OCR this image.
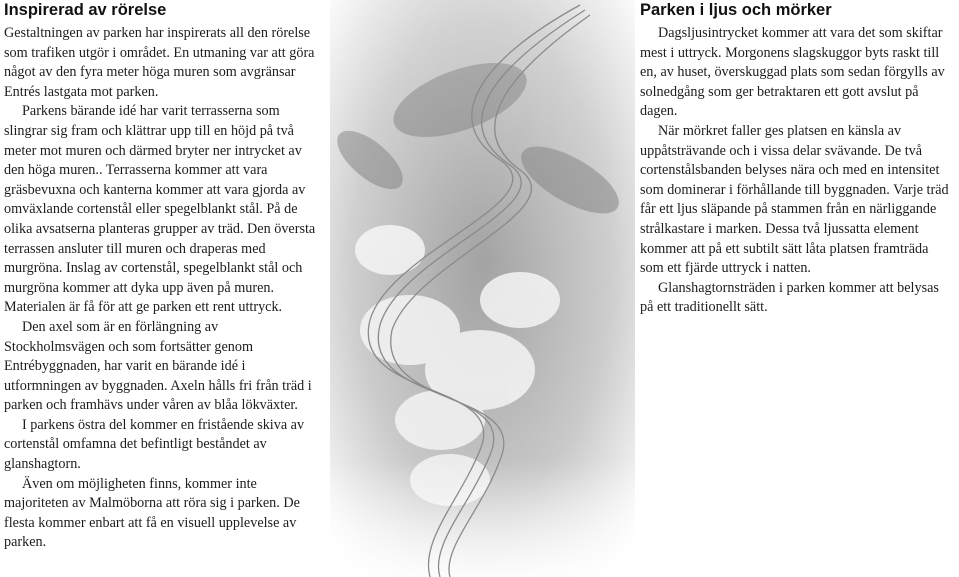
Inspirerad av rörelse

Gestaltningen av parken har inspirerats all den rörelse som trafiken utgör i området. En utmaning var att göra något av den fyra meter höga muren som avgränsar Entrés lastgata mot parken.

Parkens bärande idé har varit terrasserna som slingrar sig fram och klättrar upp till en höjd på två meter mot muren och därmed bryter ner intrycket av den höga muren.. Terrasserna kommer att vara gräsbevuxna och kanterna kommer att vara gjorda av omväxlande cortenstål eller spegelblankt stål. På de olika avsatserna planteras grupper av träd. Den översta terrassen ansluter till muren och draperas med murgröna. Inslag av cortenstål, spegelblankt stål och murgröna kommer att dyka upp även på muren. Materialen är få för att ge parken ett rent uttryck.

Den axel som är en förlängning av Stockholmsvägen och som fortsätter genom Entrébyggnaden, har varit en bärande idé i utformningen av byggnaden. Axeln hålls fri från träd i parken och framhävs under våren av blåa lökväxter.

I parkens östra del kommer en fristående skiva av cortenstål omfamna det befintligt beståndet av glanshagtorn.

Även om möjligheten finns, kommer inte majoriteten av Malmöborna att röra sig i parken. De flesta kommer enbart att få en visuell upplevelse av parken.

Parken i ljus och mörker

Dagsljusintrycket kommer att vara det som skiftar mest i uttryck. Morgonens slagskuggor byts raskt till en, av huset, överskuggad plats som sedan förgylls av solnedgång som ger betraktaren ett gott avslut på dagen.

När mörkret faller ges platsen en känsla av uppåtsträvande och i vissa delar svävande. De två cortenstålsbanden belyses nära och med en intensitet som dominerar i förhållande till byggnaden. Varje träd får ett ljus släpande på stammen från en närliggande strålkastare i marken. Dessa två ljussatta element kommer att på ett subtilt sätt låta platsen framträda som ett fjärde uttryck i natten.

Glanshagtornsträden i parken kommer att belysas på ett traditionellt sätt.
